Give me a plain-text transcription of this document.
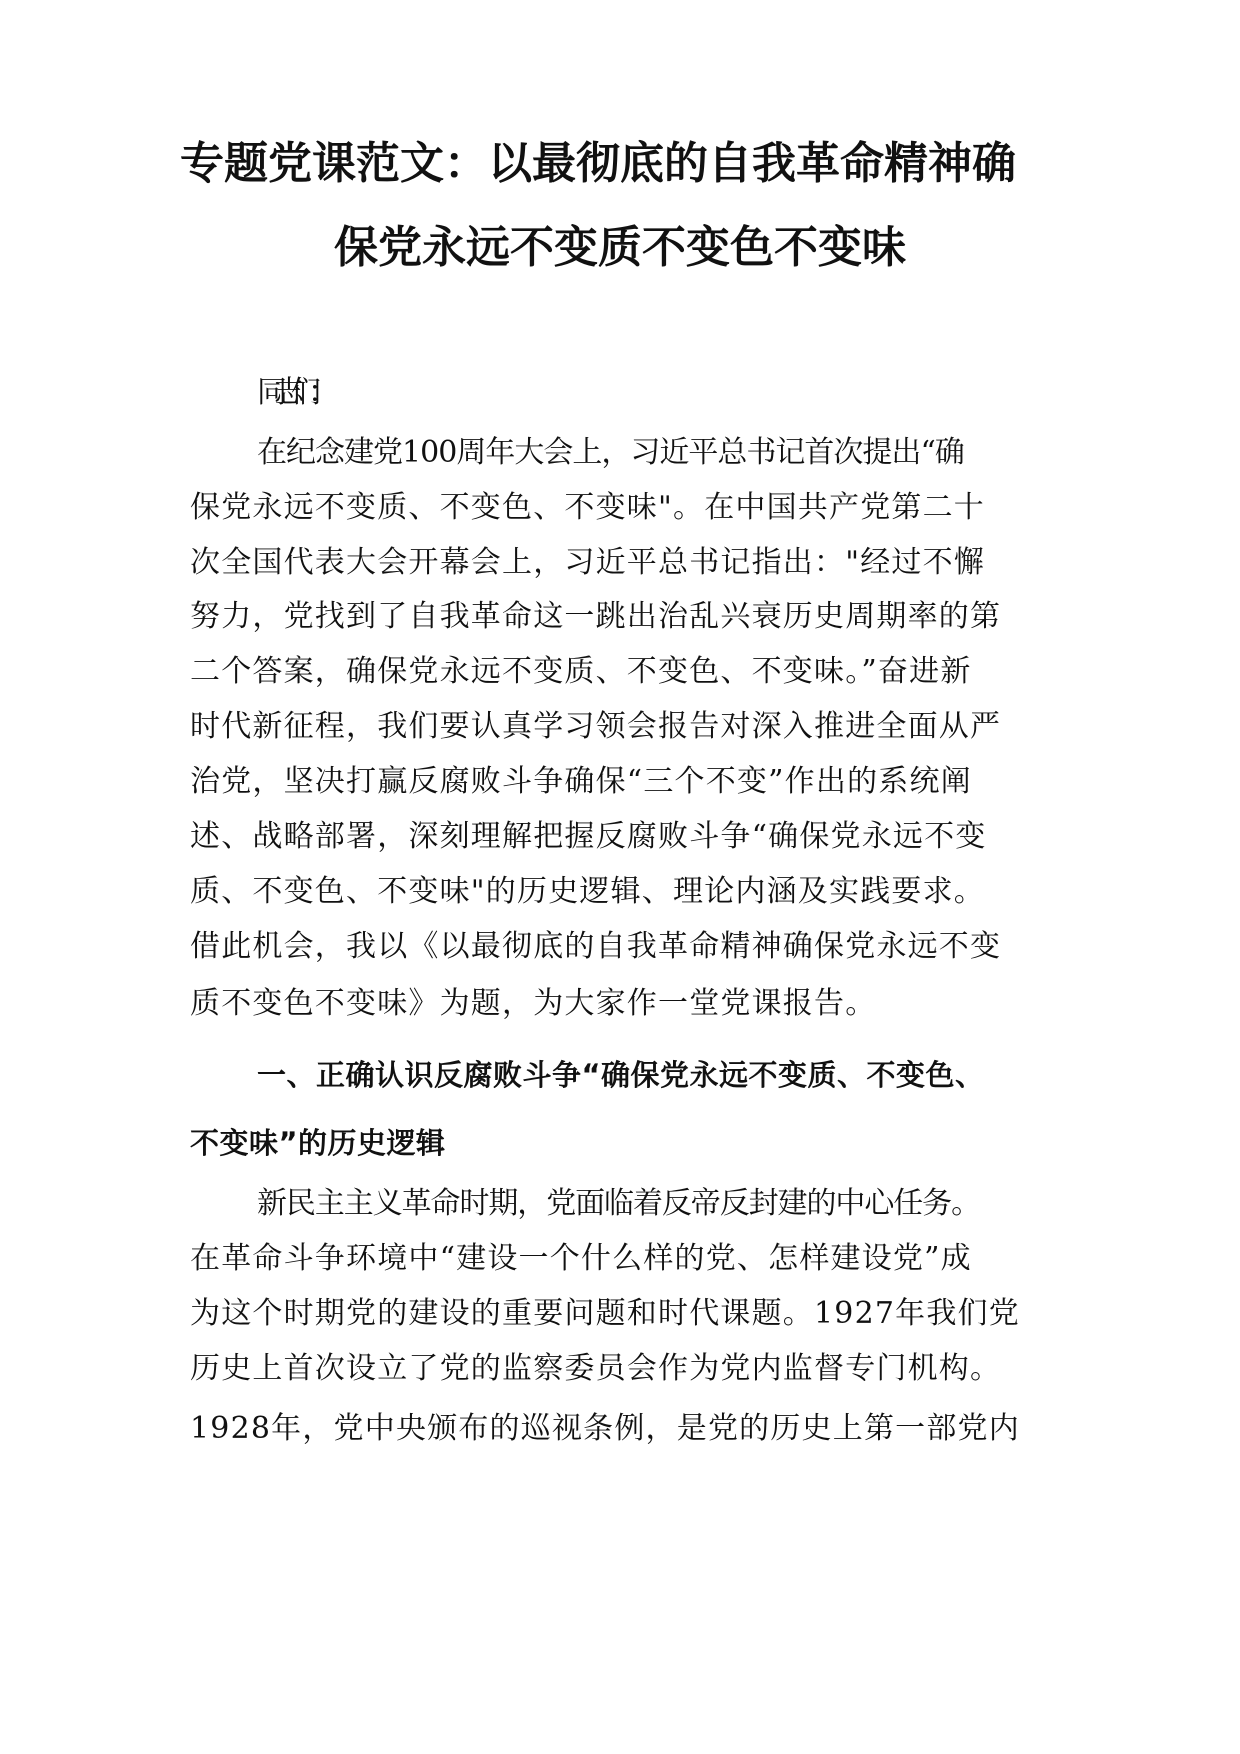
专题党课范文：以最彻底的自我革命精神确
保党永远不变质不变色不变味

同志们：

在纪念建党100周年大会上，习近平总书记首次提出“确

保党永远不变质、不变色、不变味"。在中国共产党第二十

次全国代表大会开幕会上，习近平总书记指出："经过不懈

努力，党找到了自我革命这一跳出治乱兴衰历史周期率的第

二个答案，确保党永远不变质、不变色、不变味。”奋进新

时代新征程，我们要认真学习领会报告对深入推进全面从严

治党，坚决打赢反腐败斗争确保“三个不变”作出的系统阐

述、战略部署，深刻理解把握反腐败斗争“确保党永远不变

质、不变色、不变味"的历史逻辑、理论内涵及实践要求。

借此机会，我以《以最彻底的自我革命精神确保党永远不变

质不变色不变味》为题，为大家作一堂党课报告。

一、正确认识反腐败斗争“确保党永远不变质、不变色、
不变味”的历史逻辑

新民主主义革命时期，党面临着反帝反封建的中心任务。

在革命斗争环境中“建设一个什么样的党、怎样建设党”成

为这个时期党的建设的重要问题和时代课题。1927年我们党

历史上首次设立了党的监察委员会作为党内监督专门机构。

1928年，党中央颁布的巡视条例，是党的历史上第一部党内
